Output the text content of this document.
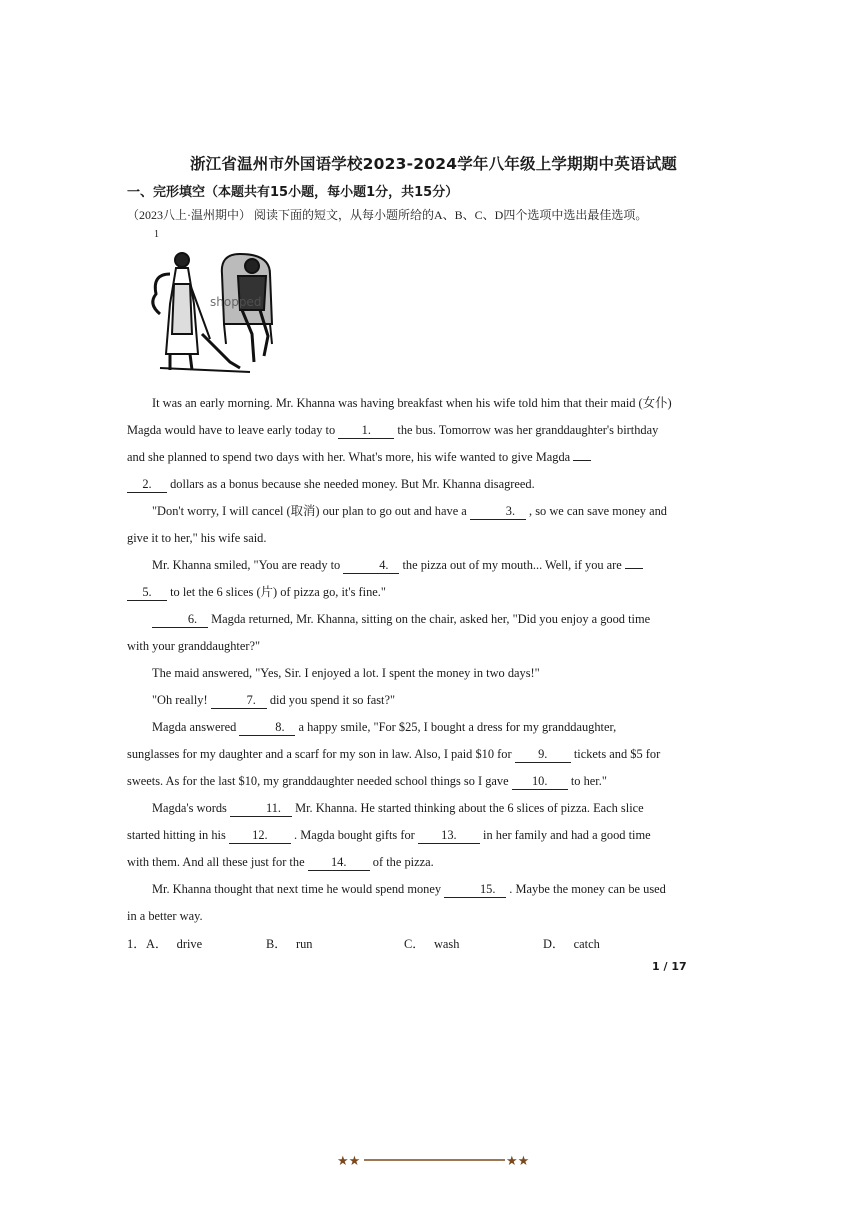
浙江省温州市外国语学校2023-2024学年八年级上学期期中英语试题
一、完形填空（本题共有15小题，每小题1分，共15分）
（2023八上·温州期中） 阅读下面的短文，从每小题所给的A、B、C、D四个选项中选出最佳选项。
1
shopped
It was an early morning. Mr. Khanna was having breakfast when his wife told him that their maid (女仆)
Magda would have to leave early today to 1. the bus. Tomorrow was her granddaughter's birthday
and she planned to spend two days with her. What's more, his wife wanted to give Magda
2. dollars as a bonus because she needed money. But Mr. Khanna disagreed.
"Don't worry, I will cancel (取消) our plan to go out and have a	3. , so we can save money and
give it to her," his wife said.
Mr. Khanna smiled, "You are ready to	4. the pizza out of my mouth... Well, if you are
5. to let the 6 slices (片) of pizza go, it's fine."
6. Magda returned, Mr. Khanna, sitting on the chair, asked her, "Did you enjoy a good time
with your granddaughter?"
The maid answered, "Yes, Sir. I enjoyed a lot. I spent the money in two days!"
"Oh really!	7. did you spend it so fast?"
Magda answered	8. a happy smile, "For $25, I bought a dress for my granddaughter,
sunglasses for my daughter and a scarf for my son in law. Also, I paid $10 for 9. tickets and $5 for
sweets. As for the last $10, my granddaughter needed school things so I gave 10. to her."
Magda's words	11. Mr. Khanna. He started thinking about the 6 slices of pizza. Each slice
started hitting in his 12. . Magda bought gifts for 13. in her family and had a good time
with them. And all these just for the 14. of the pizza.
Mr. Khanna thought that next time he would spend money	15. . Maybe the money can be used
in a better way.
1． A． drive	B． run	C． wash	D． catch
1 / 17
★★	★★
